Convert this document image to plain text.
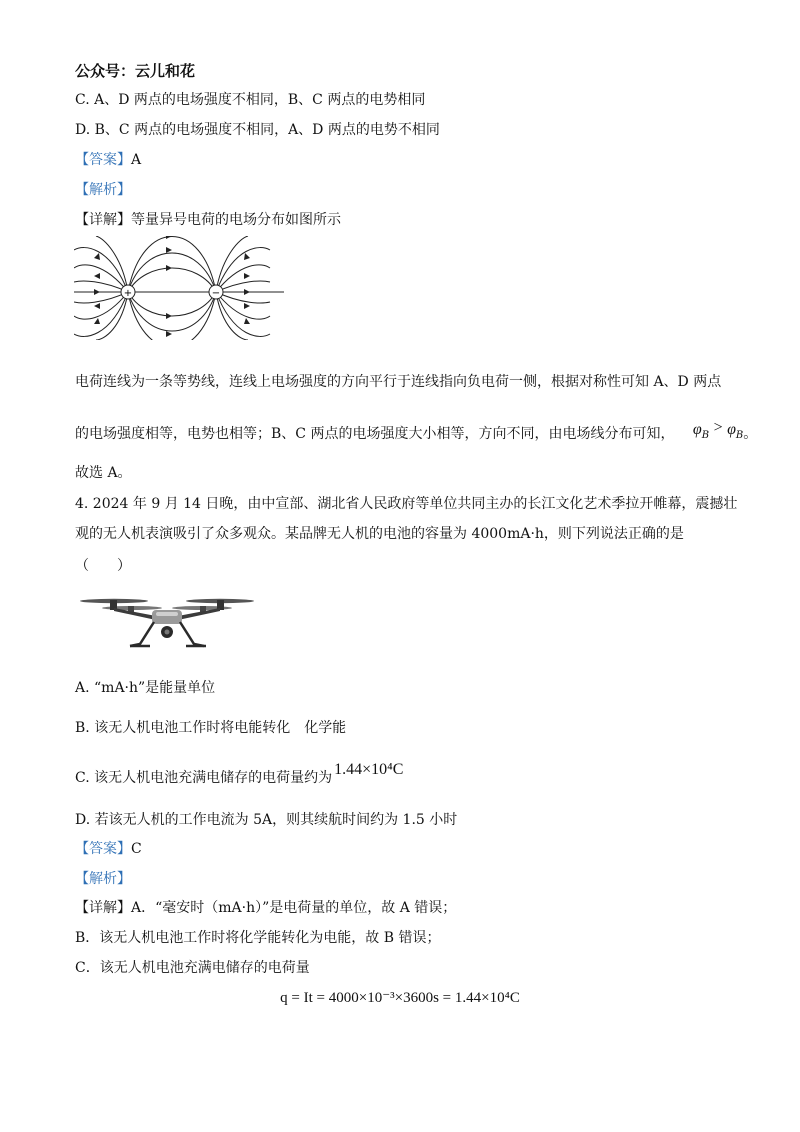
公众号：云儿和花
C. A、D 两点的电场强度不相同，B、C 两点的电势相同
D. B、C 两点的电场强度不相同，A、D 两点的电势不相同
【答案】A
【解析】
【详解】等量异号电荷的电场分布如图所示
+	−
电荷连线为一条等势线，连线上电场强度的方向平行于连线指向负电荷一侧，根据对称性可知 A、D 两点
的电场强度相等，电势也相等；B、C 两点的电场强度大小相等，方向不同，由电场线分布可知， $\varphi_B > \varphi_B$。
故选 A。
4. 2024 年 9 月 14 日晚，由中宣部、湖北省人民政府等单位共同主办的长江文化艺术季拉开帷幕，震撼壮
观的无人机表演吸引了众多观众。某品牌无人机的电池的容量为 4000mA·h，则下列说法正确的是
（　　）
A. “mA·h”是能量单位
B. 该无人机电池工作时将电能转化　化学能
C. 该无人机电池充满电储存的电荷量约为 1.44×10⁴C
D. 若该无人机的工作电流为 5A，则其续航时间约为 1.5 小时
【答案】C
【解析】
【详解】A．“毫安时（mA·h）”是电荷量的单位，故 A 错误；
B．该无人机电池工作时将化学能转化为电能，故 B 错误；
C．该无人机电池充满电储存的电荷量
q = It = 4000×10⁻³×3600s = 1.44×10⁴C
